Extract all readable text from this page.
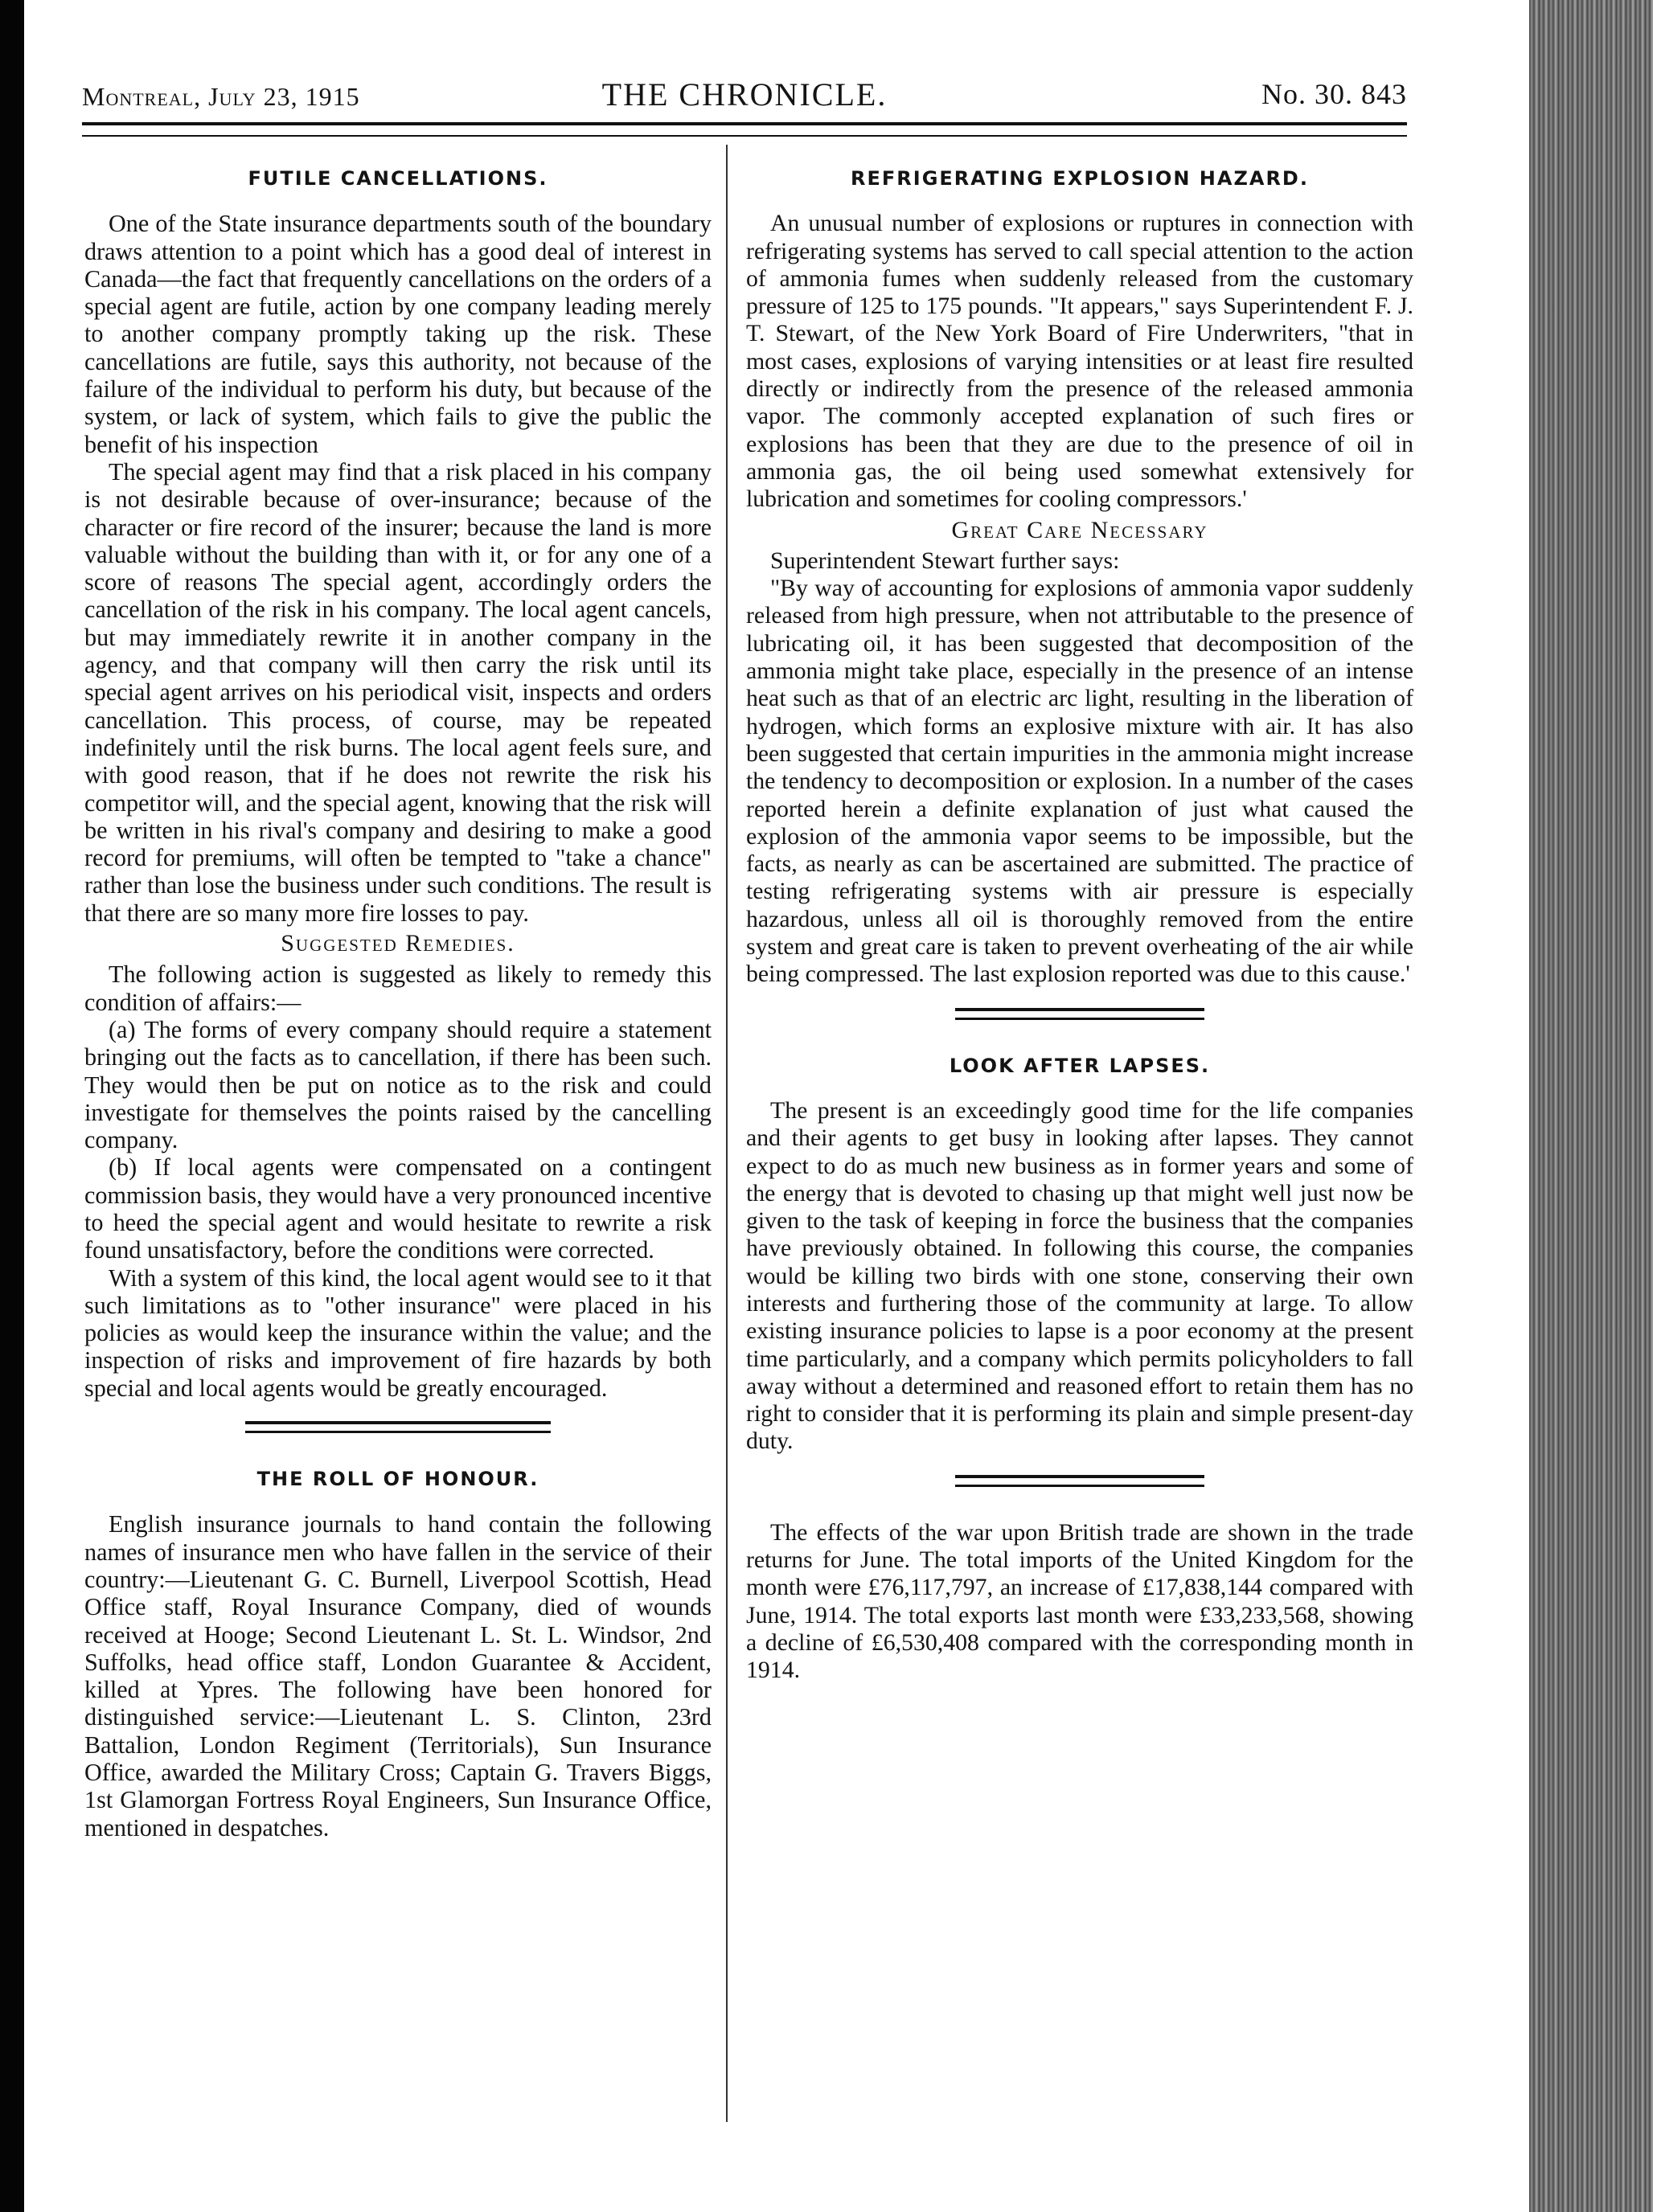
Montreal, July 23, 1915	THE CHRONICLE.	No. 30. 843
FUTILE CANCELLATIONS.

One of the State insurance departments south of the boundary draws attention to a point which has a good deal of interest in Canada—the fact that frequently cancellations on the orders of a special agent are futile, action by one company leading merely to another company promptly taking up the risk. These cancellations are futile, says this authority, not because of the failure of the individual to perform his duty, but because of the system, or lack of system, which fails to give the public the benefit of his inspection

The special agent may find that a risk placed in his company is not desirable because of over-insurance; because of the character or fire record of the insurer; because the land is more valuable without the building than with it, or for any one of a score of reasons The special agent, accordingly orders the cancellation of the risk in his company. The local agent cancels, but may immediately rewrite it in another company in the agency, and that company will then carry the risk until its special agent arrives on his periodical visit, inspects and orders cancellation. This process, of course, may be repeated indefinitely until the risk burns. The local agent feels sure, and with good reason, that if he does not rewrite the risk his competitor will, and the special agent, knowing that the risk will be written in his rival's company and desiring to make a good record for premiums, will often be tempted to "take a chance" rather than lose the business under such conditions. The result is that there are so many more fire losses to pay.

Suggested Remedies.

The following action is suggested as likely to remedy this condition of affairs:—

(a) The forms of every company should require a statement bringing out the facts as to cancellation, if there has been such. They would then be put on notice as to the risk and could investigate for themselves the points raised by the cancelling company.

(b) If local agents were compensated on a contingent commission basis, they would have a very pronounced incentive to heed the special agent and would hesitate to rewrite a risk found unsatisfactory, before the conditions were corrected.

With a system of this kind, the local agent would see to it that such limitations as to "other insurance" were placed in his policies as would keep the insurance within the value; and the inspection of risks and improvement of fire hazards by both special and local agents would be greatly encouraged.

THE ROLL OF HONOUR.

English insurance journals to hand contain the following names of insurance men who have fallen in the service of their country:—Lieutenant G. C. Burnell, Liverpool Scottish, Head Office staff, Royal Insurance Company, died of wounds received at Hooge; Second Lieutenant L. St. L. Windsor, 2nd Suffolks, head office staff, London Guarantee & Accident, killed at Ypres. The following have been honored for distinguished service:—Lieutenant L. S. Clinton, 23rd Battalion, London Regiment (Territorials), Sun Insurance Office, awarded the Military Cross; Captain G. Travers Biggs, 1st Glamorgan Fortress Royal Engineers, Sun Insurance Office, mentioned in despatches.

REFRIGERATING EXPLOSION HAZARD.

An unusual number of explosions or ruptures in connection with refrigerating systems has served to call special attention to the action of ammonia fumes when suddenly released from the customary pressure of 125 to 175 pounds. "It appears," says Superintendent F. J. T. Stewart, of the New York Board of Fire Underwriters, "that in most cases, explosions of varying intensities or at least fire resulted directly or indirectly from the presence of the released ammonia vapor. The commonly accepted explanation of such fires or explosions has been that they are due to the presence of oil in ammonia gas, the oil being used somewhat extensively for lubrication and sometimes for cooling compressors.'

Great Care Necessary

Superintendent Stewart further says:

"By way of accounting for explosions of ammonia vapor suddenly released from high pressure, when not attributable to the presence of lubricating oil, it has been suggested that decomposition of the ammonia might take place, especially in the presence of an intense heat such as that of an electric arc light, resulting in the liberation of hydrogen, which forms an explosive mixture with air. It has also been suggested that certain impurities in the ammonia might increase the tendency to decomposition or explosion. In a number of the cases reported herein a definite explanation of just what caused the explosion of the ammonia vapor seems to be impossible, but the facts, as nearly as can be ascertained are submitted. The practice of testing refrigerating systems with air pressure is especially hazardous, unless all oil is thoroughly removed from the entire system and great care is taken to prevent overheating of the air while being compressed. The last explosion reported was due to this cause.'

LOOK AFTER LAPSES.

The present is an exceedingly good time for the life companies and their agents to get busy in looking after lapses. They cannot expect to do as much new business as in former years and some of the energy that is devoted to chasing up that might well just now be given to the task of keeping in force the business that the companies have previously obtained. In following this course, the companies would be killing two birds with one stone, conserving their own interests and furthering those of the community at large. To allow existing insurance policies to lapse is a poor economy at the present time particularly, and a company which permits policyholders to fall away without a determined and reasoned effort to retain them has no right to consider that it is performing its plain and simple present-day duty.

The effects of the war upon British trade are shown in the trade returns for June. The total imports of the United Kingdom for the month were £76,117,797, an increase of £17,838,144 compared with June, 1914. The total exports last month were £33,233,568, showing a decline of £6,530,408 compared with the corresponding month in 1914.
